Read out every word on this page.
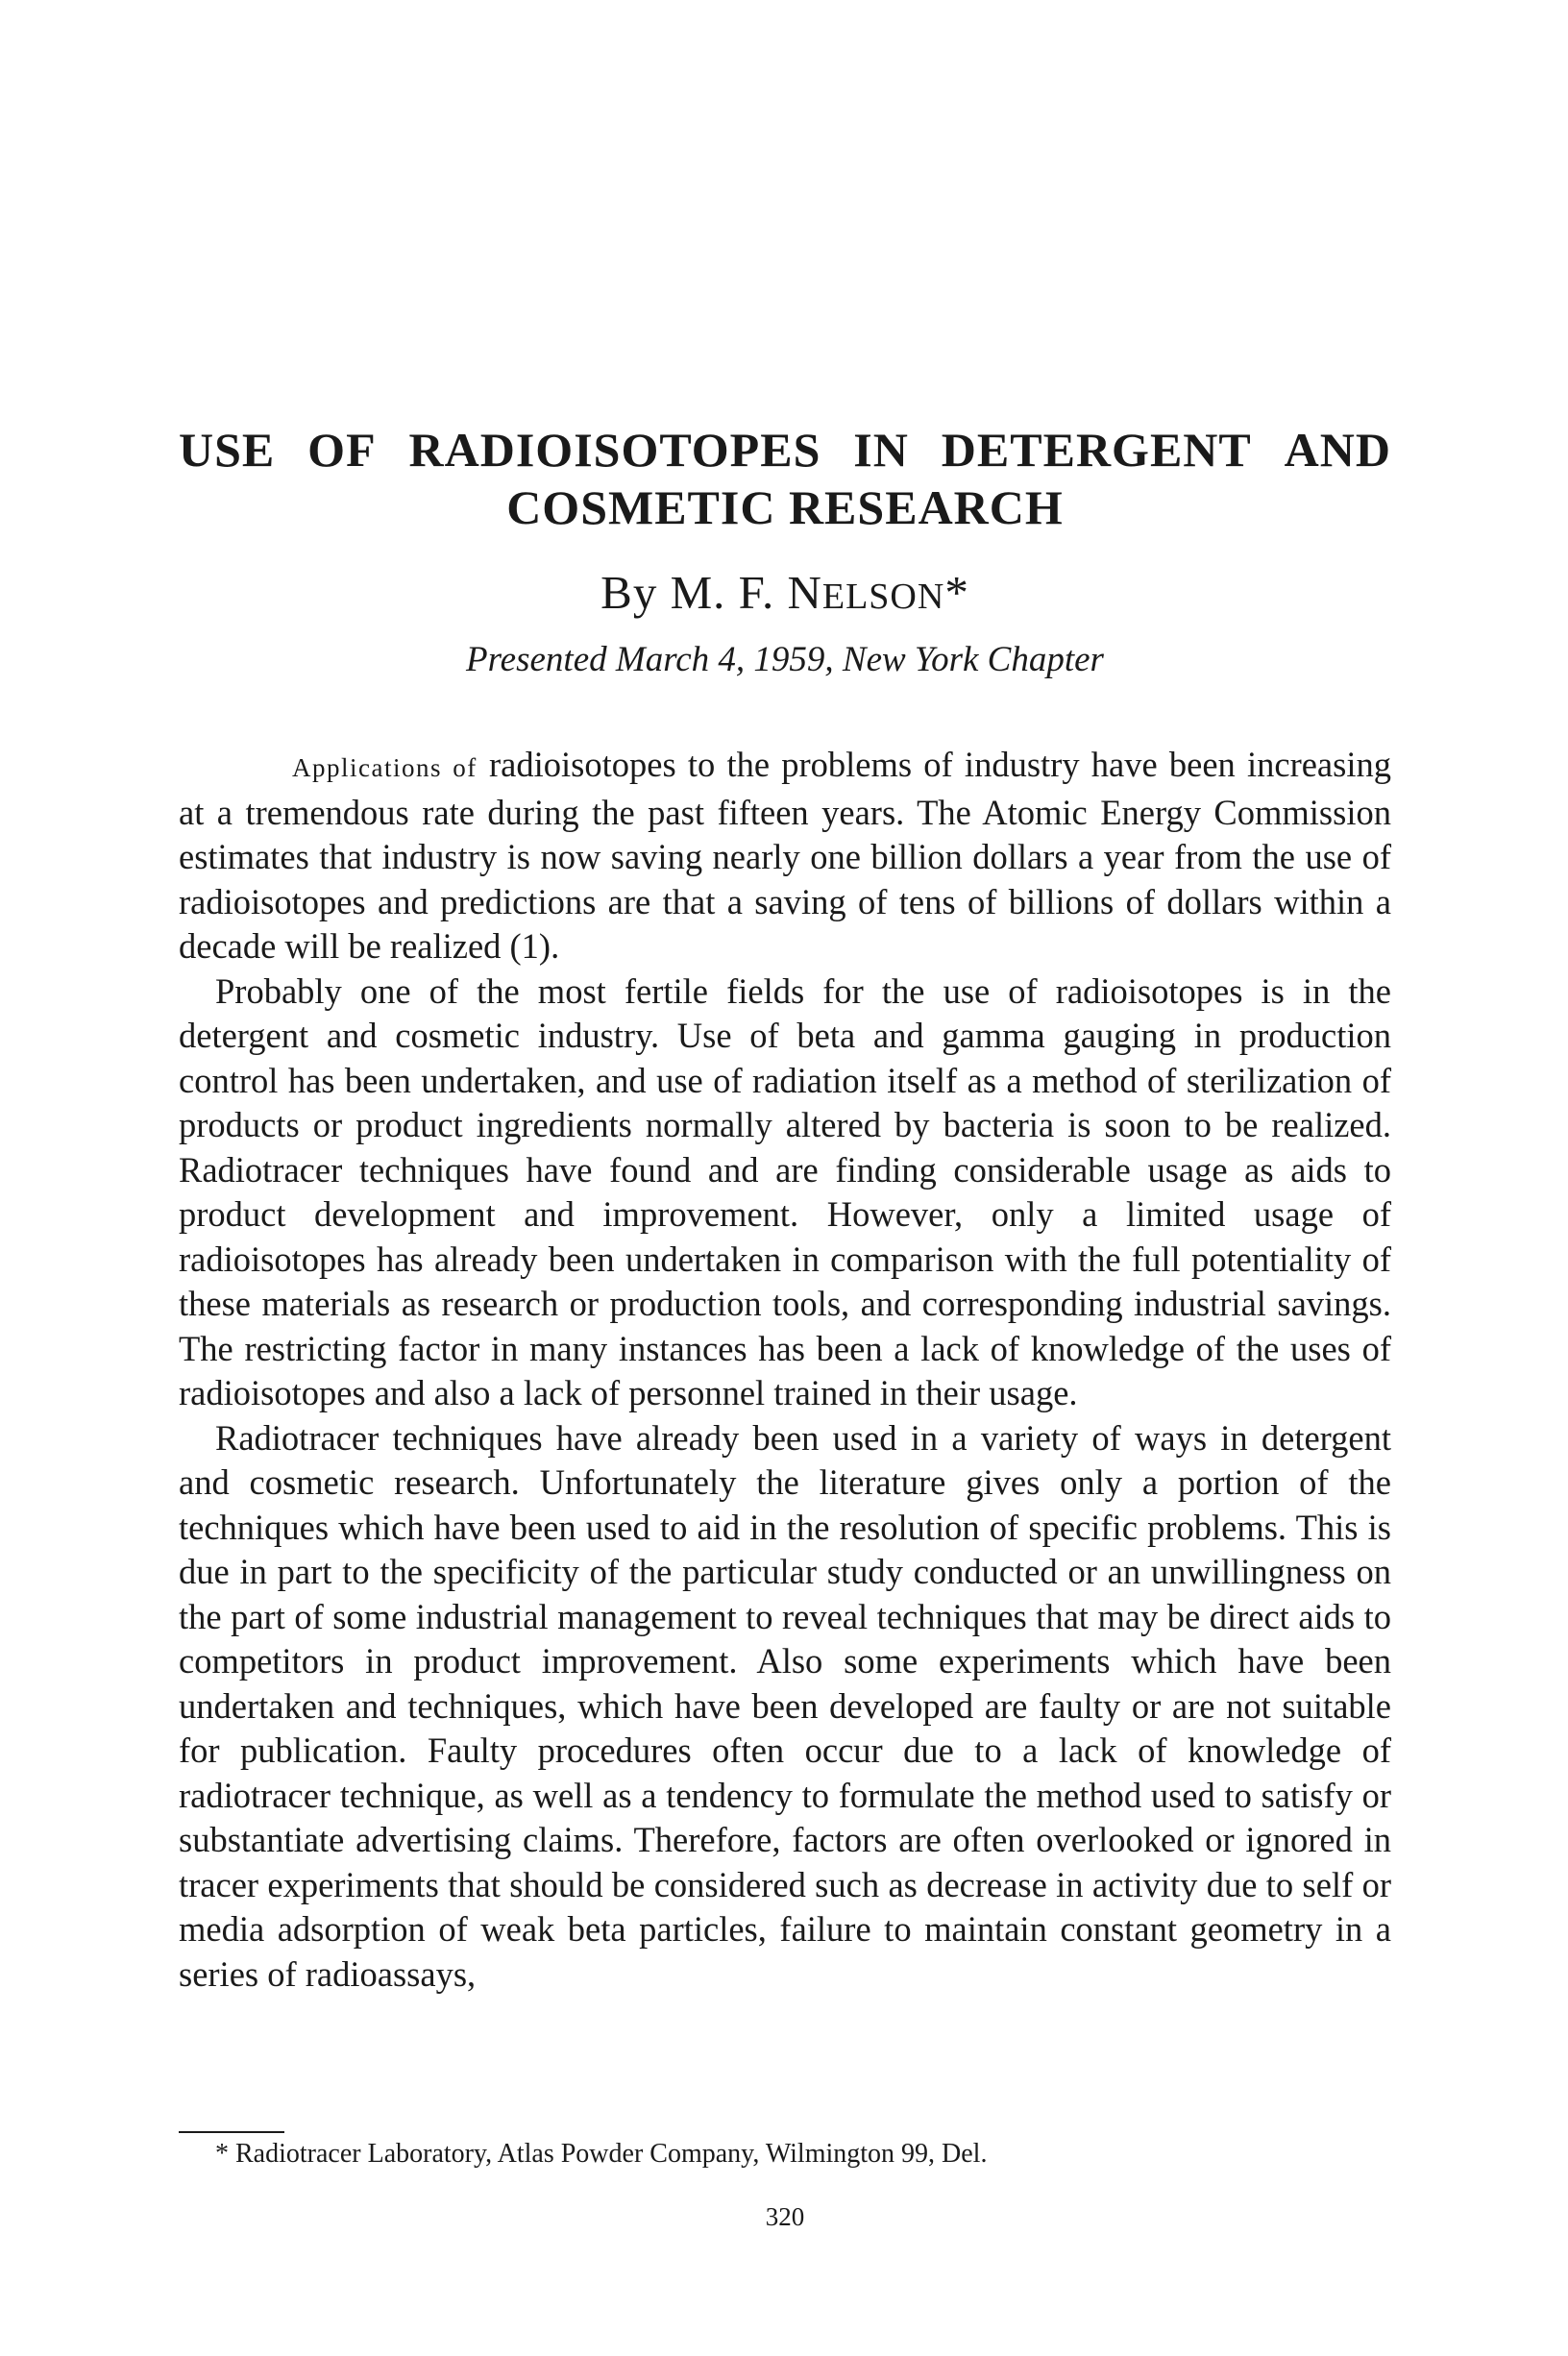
USE OF RADIOISOTOPES IN DETERGENT AND
COSMETIC RESEARCH
By M. F. NELSON*
Presented March 4, 1959, New York Chapter

Applications of radioisotopes to the problems of industry have been increasing at a tremendous rate during the past fifteen years. The Atomic Energy Commission estimates that industry is now saving nearly one billion dollars a year from the use of radioisotopes and predictions are that a saving of tens of billions of dollars within a decade will be realized (1).

Probably one of the most fertile fields for the use of radioisotopes is in the detergent and cosmetic industry. Use of beta and gamma gauging in production control has been undertaken, and use of radiation itself as a method of sterilization of products or product ingredients normally altered by bacteria is soon to be realized. Radiotracer techniques have found and are finding considerable usage as aids to product development and improvement. However, only a limited usage of radioisotopes has already been undertaken in comparison with the full potentiality of these materials as research or production tools, and corresponding industrial savings. The restricting factor in many instances has been a lack of knowledge of the uses of radioisotopes and also a lack of personnel trained in their usage.

Radiotracer techniques have already been used in a variety of ways in detergent and cosmetic research. Unfortunately the literature gives only a portion of the techniques which have been used to aid in the resolution of specific problems. This is due in part to the specificity of the particular study conducted or an unwillingness on the part of some industrial management to reveal techniques that may be direct aids to competitors in product improvement. Also some experiments which have been undertaken and techniques, which have been developed are faulty or are not suitable for publication. Faulty procedures often occur due to a lack of knowledge of radiotracer technique, as well as a tendency to formulate the method used to satisfy or substantiate advertising claims. Therefore, factors are often overlooked or ignored in tracer experiments that should be considered such as decrease in activity due to self or media adsorption of weak beta particles, failure to maintain constant geometry in a series of radioassays,

* Radiotracer Laboratory, Atlas Powder Company, Wilmington 99, Del.
320
